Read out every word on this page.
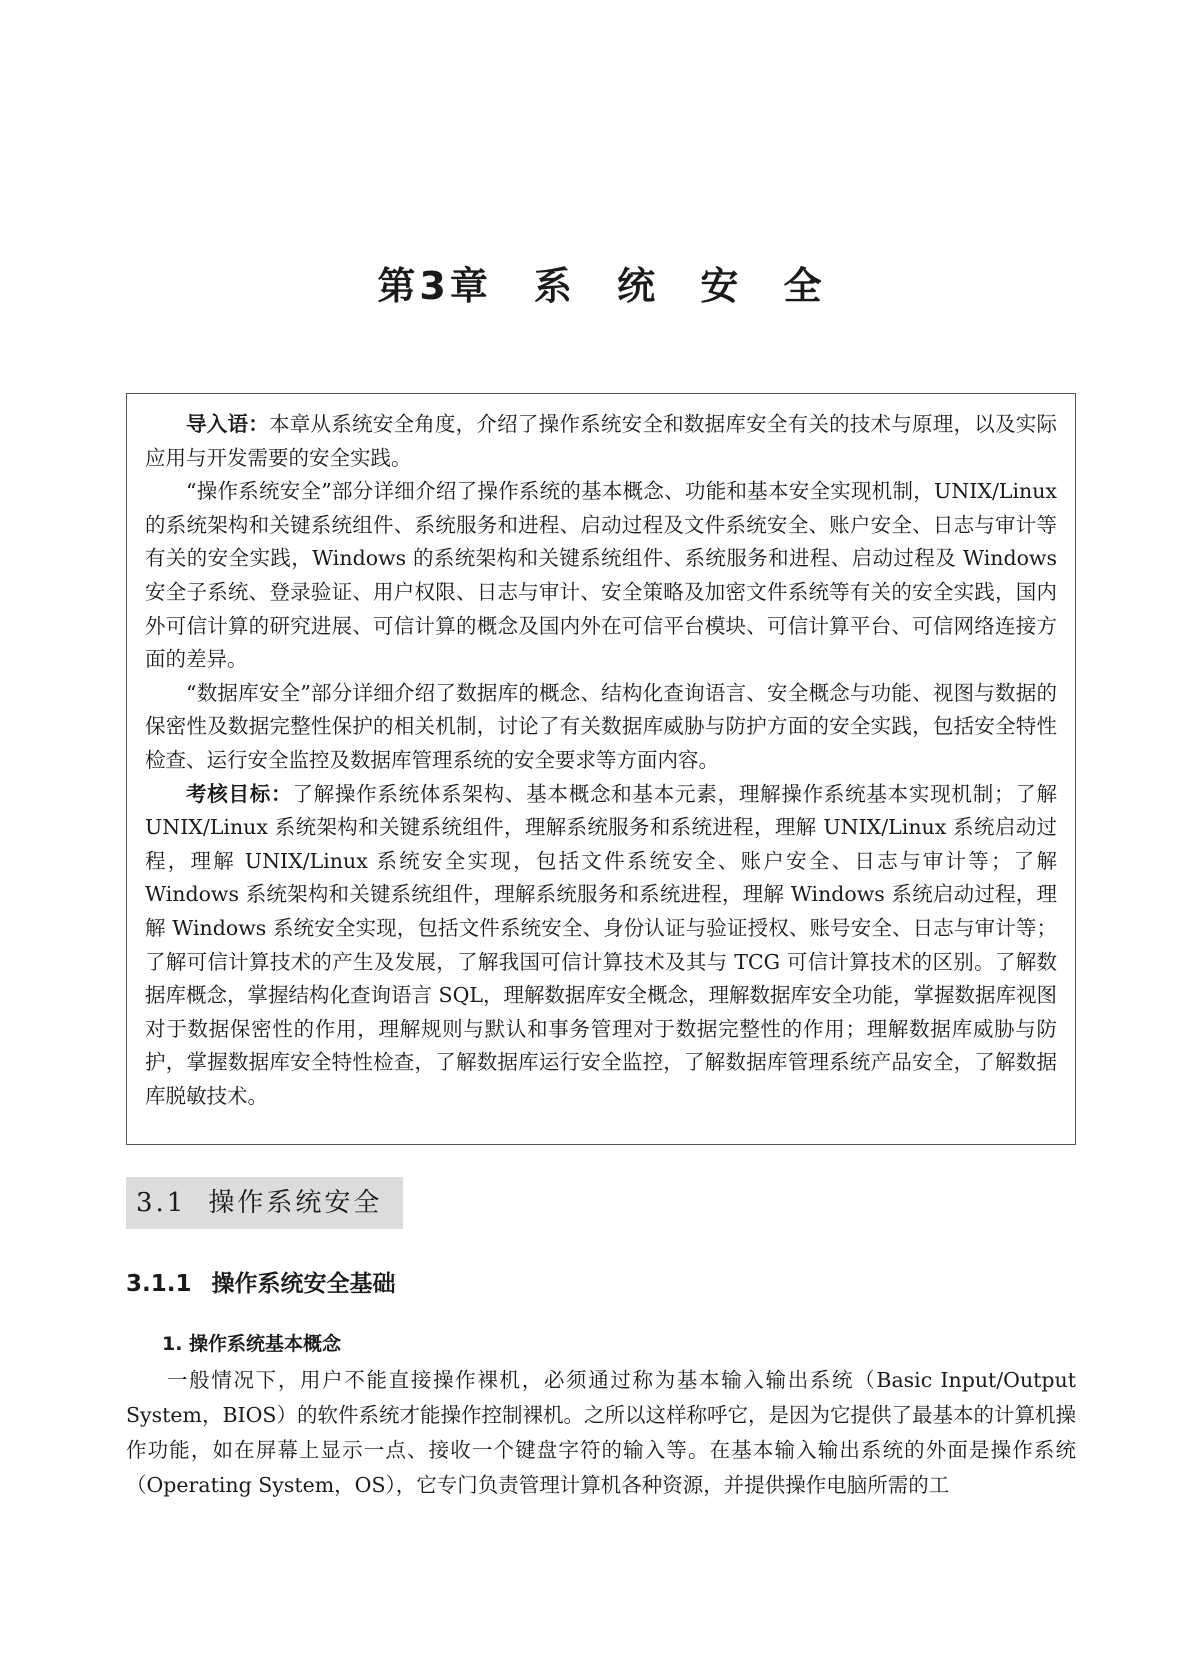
第3章　系 统 安 全

导入语：本章从系统安全角度，介绍了操作系统安全和数据库安全有关的技术与原理，以及实际应用与开发需要的安全实践。

“操作系统安全”部分详细介绍了操作系统的基本概念、功能和基本安全实现机制，UNIX/Linux 的系统架构和关键系统组件、系统服务和进程、启动过程及文件系统安全、账户安全、日志与审计等有关的安全实践，Windows 的系统架构和关键系统组件、系统服务和进程、启动过程及 Windows 安全子系统、登录验证、用户权限、日志与审计、安全策略及加密文件系统等有关的安全实践，国内外可信计算的研究进展、可信计算的概念及国内外在可信平台模块、可信计算平台、可信网络连接方面的差异。

“数据库安全”部分详细介绍了数据库的概念、结构化查询语言、安全概念与功能、视图与数据的保密性及数据完整性保护的相关机制，讨论了有关数据库威胁与防护方面的安全实践，包括安全特性检查、运行安全监控及数据库管理系统的安全要求等方面内容。

考核目标：了解操作系统体系架构、基本概念和基本元素，理解操作系统基本实现机制；了解 UNIX/Linux 系统架构和关键系统组件，理解系统服务和系统进程，理解 UNIX/Linux 系统启动过程，理解 UNIX/Linux 系统安全实现，包括文件系统安全、账户安全、日志与审计等；了解 Windows 系统架构和关键系统组件，理解系统服务和系统进程，理解 Windows 系统启动过程，理解 Windows 系统安全实现，包括文件系统安全、身份认证与验证授权、账号安全、日志与审计等；了解可信计算技术的产生及发展，了解我国可信计算技术及其与 TCG 可信计算技术的区别。了解数据库概念，掌握结构化查询语言 SQL，理解数据库安全概念，理解数据库安全功能，掌握数据库视图对于数据保密性的作用，理解规则与默认和事务管理对于数据完整性的作用；理解数据库威胁与防护，掌握数据库安全特性检查，了解数据库运行安全监控，了解数据库管理系统产品安全，了解数据库脱敏技术。

3.1 操作系统安全
3.1.1 操作系统安全基础
1. 操作系统基本概念

一般情况下，用户不能直接操作裸机，必须通过称为基本输入输出系统（Basic Input/Output System，BIOS）的软件系统才能操作控制裸机。之所以这样称呼它，是因为它提供了最基本的计算机操作功能，如在屏幕上显示一点、接收一个键盘字符的输入等。在基本输入输出系统的外面是操作系统（Operating System，OS），它专门负责管理计算机各种资源，并提供操作电脑所需的工
